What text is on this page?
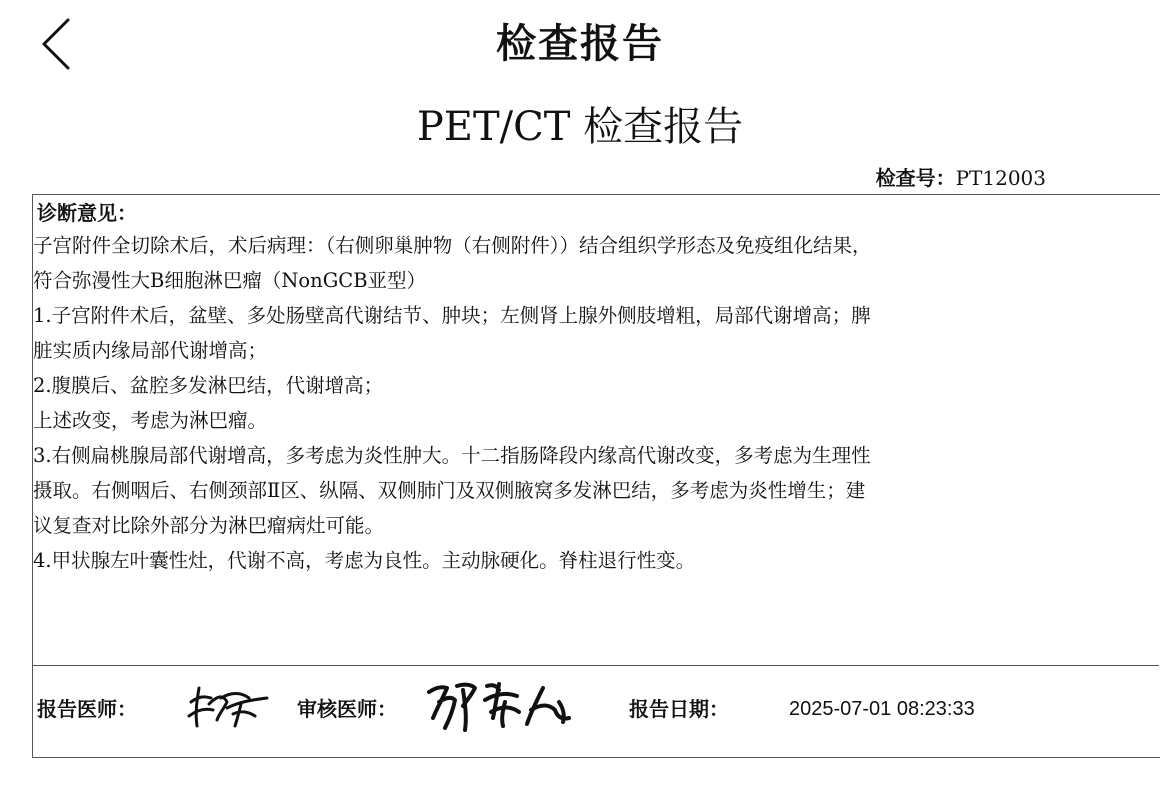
检查报告
PET/CT 检查报告
检查号：PT12003
诊断意见：
子宫附件全切除术后，术后病理：（右侧卵巢肿物（右侧附件））结合组织学形态及免疫组化结果，
符合弥漫性大B细胞淋巴瘤（NonGCB亚型）
1.子宫附件术后，盆壁、多处肠壁高代谢结节、肿块；左侧肾上腺外侧肢增粗，局部代谢增高；脾
脏实质内缘局部代谢增高；
2.腹膜后、盆腔多发淋巴结，代谢增高；
上述改变，考虑为淋巴瘤。
3.右侧扁桃腺局部代谢增高，多考虑为炎性肿大。十二指肠降段内缘高代谢改变，多考虑为生理性
摄取。右侧咽后、右侧颈部Ⅱ区、纵隔、双侧肺门及双侧腋窝多发淋巴结，多考虑为炎性增生；建
议复查对比除外部分为淋巴瘤病灶可能。
4.甲状腺左叶囊性灶，代谢不高，考虑为良性。主动脉硬化。脊柱退行性变。
报告医师：	审核医师：	报告日期：	2025-07-01 08:23:33
